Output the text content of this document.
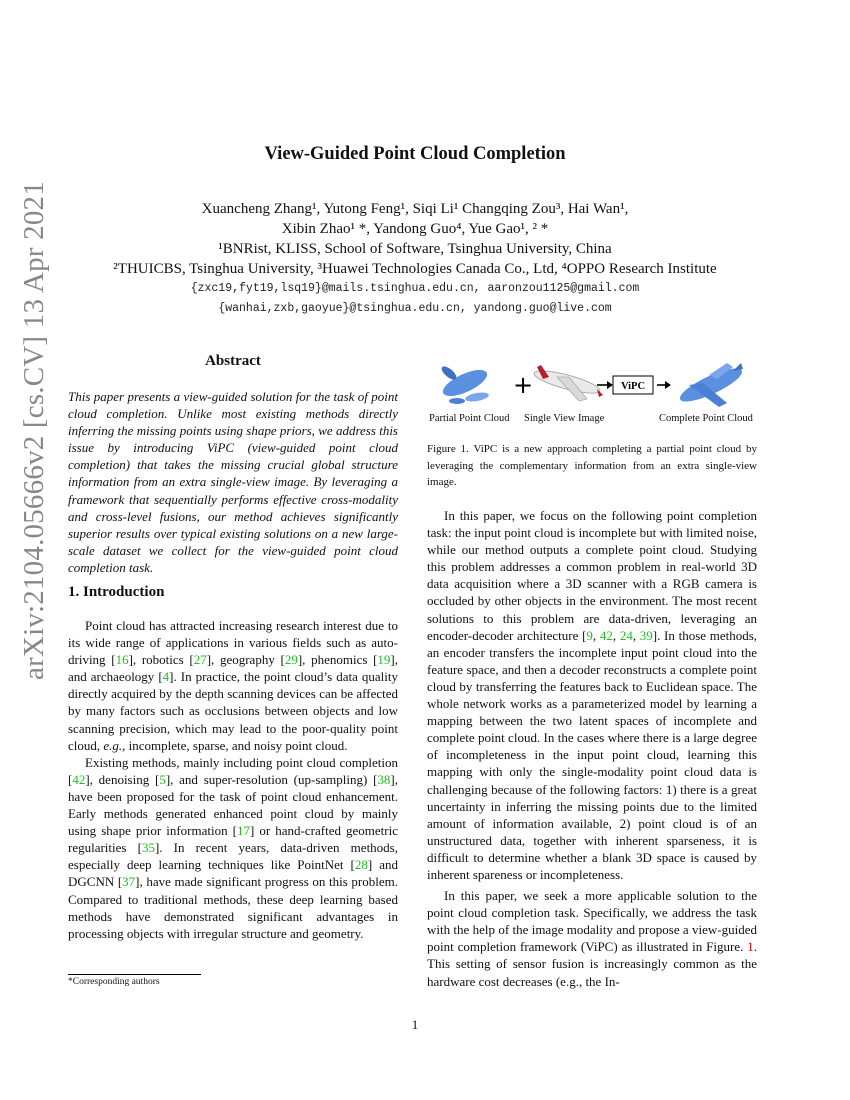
arXiv:2104.05666v2 [cs.CV] 13 Apr 2021
View-Guided Point Cloud Completion
Xuancheng Zhang¹, Yutong Feng¹, Siqi Li¹ Changqing Zou³, Hai Wan¹,
Xibin Zhao¹ *, Yandong Guo⁴, Yue Gao¹, ² *
¹BNRist, KLISS, School of Software, Tsinghua University, China
²THUICBS, Tsinghua University, ³Huawei Technologies Canada Co., Ltd, ⁴OPPO Research Institute
{zxc19,fyt19,lsq19}@mails.tsinghua.edu.cn, aaronzou1125@gmail.com
{wanhai,zxb,gaoyue}@tsinghua.edu.cn, yandong.guo@live.com
Abstract
This paper presents a view-guided solution for the task of point cloud completion. Unlike most existing methods directly inferring the missing points using shape priors, we address this issue by introducing ViPC (view-guided point cloud completion) that takes the missing crucial global structure information from an extra single-view image. By leveraging a framework that sequentially performs effective cross-modality and cross-level fusions, our method achieves significantly superior results over typical existing solutions on a new large-scale dataset we collect for the view-guided point cloud completion task.
1. Introduction

Point cloud has attracted increasing research interest due to its wide range of applications in various fields such as auto-driving [16], robotics [27], geography [29], phenomics [19], and archaeology [4]. In practice, the point cloud’s data quality directly acquired by the depth scanning devices can be affected by many factors such as occlusions between objects and low scanning precision, which may lead to the poor-quality point cloud, e.g., incomplete, sparse, and noisy point cloud.

Existing methods, mainly including point cloud completion [42], denoising [5], and super-resolution (up-sampling) [38], have been proposed for the task of point cloud enhancement. Early methods generated enhanced point cloud by mainly using shape prior information [17] or hand-crafted geometric regularities [35]. In recent years, data-driven methods, especially deep learning techniques like PointNet [28] and DGCNN [37], have made significant progress on this problem. Compared to traditional methods, these deep learning based methods have demonstrated significant advantages in processing objects with irregular structure and geometry.

*Corresponding authors
+	ViPC
Partial Point Cloud Single View Image	Complete Point Cloud
Figure 1. ViPC is a new approach completing a partial point cloud by leveraging the complementary information from an extra single-view image.

In this paper, we focus on the following point completion task: the input point cloud is incomplete but with limited noise, while our method outputs a complete point cloud. Studying this problem addresses a common problem in real-world 3D data acquisition where a 3D scanner with a RGB camera is occluded by other objects in the environment. The most recent solutions to this problem are data-driven, leveraging an encoder-decoder architecture [9, 42, 24, 39]. In those methods, an encoder transfers the incomplete input point cloud into the feature space, and then a decoder reconstructs a complete point cloud by transferring the features back to Euclidean space. The whole network works as a parameterized model by learning a mapping between the two latent spaces of incomplete and complete point cloud. In the cases where there is a large degree of incompleteness in the input point cloud, learning this mapping with only the single-modality point cloud data is challenging because of the following factors: 1) there is a great uncertainty in inferring the missing points due to the limited amount of information available, 2) point cloud is of an unstructured data, together with inherent sparseness, it is difficult to determine whether a blank 3D space is caused by inherent spareness or incompleteness.

In this paper, we seek a more applicable solution to the point cloud completion task. Specifically, we address the task with the help of the image modality and propose a view-guided point completion framework (ViPC) as illustrated in Figure. 1. This setting of sensor fusion is increasingly common as the hardware cost decreases (e.g., the In-

1
